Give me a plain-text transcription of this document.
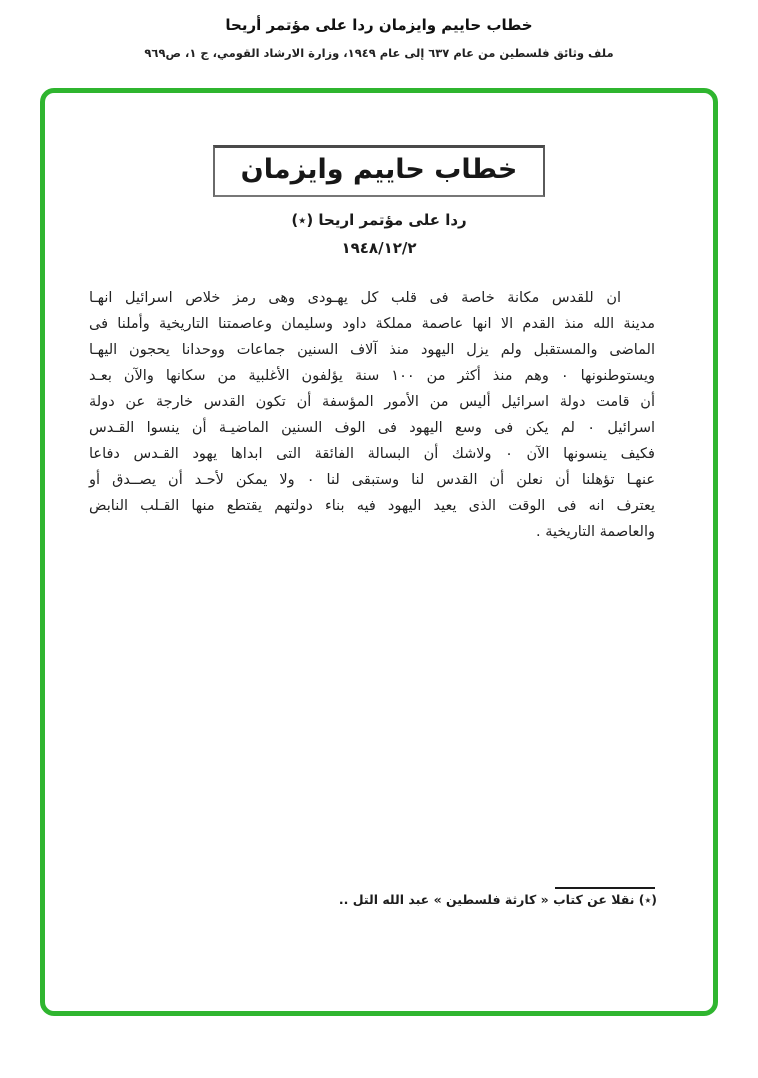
خطاب حاييم وايزمان ردا على مؤتمر أريحا
ملف وثائق فلسطين من عام ٦٣٧ إلى عام ١٩٤٩، وزارة الارشاد القومي، ج ١، ص٩٦٩
خطاب حاييم وايزمان
ردا على مؤتمر اريحا (٭)
١٩٤٨/١٢/٢
ان للقدس مكانة خاصة فى قلب كل يهـودى وهى رمز خلاص اسرائيل انهـا
مدينة الله منذ القدم الا انها عاصمة مملكة داود وسليمان وعاصمتنا التاريخية وأملنا فى
الماضى والمستقبل ولم يزل اليهود منذ آلاف السنين جماعات ووحدانا يحجون اليهـا
ويستوطنونها ۰ وهم منذ أكثر من ١٠٠ سنة يؤلفون الأغلبية من سكانها والآن بعـد
أن قامت دولة اسرائيل أليس من الأمور المؤسفة أن تكون القدس خارجة عن دولة
اسرائيل ۰ لم يكن فى وسع اليهود فى الوف السنين الماضيـة أن ينسوا القـدس
فكيف ينسونها الآن ۰ ولاشك أن البسالة الفائقة التى ابداها يهود القـدس دفاعا
عنهـا تؤهلنا أن نعلن أن القدس لنا وستبقى لنا ۰ ولا يمكن لأحـد أن يصــدق أو
يعترف انه فى الوقت الذى يعيد اليهود فيه بناء دولتهم يقتطع منها القـلب النابض
والعاصمة التاريخية .
(٭) نقلا عن كتاب « كارثة فلسطين » عبد الله التل ..
